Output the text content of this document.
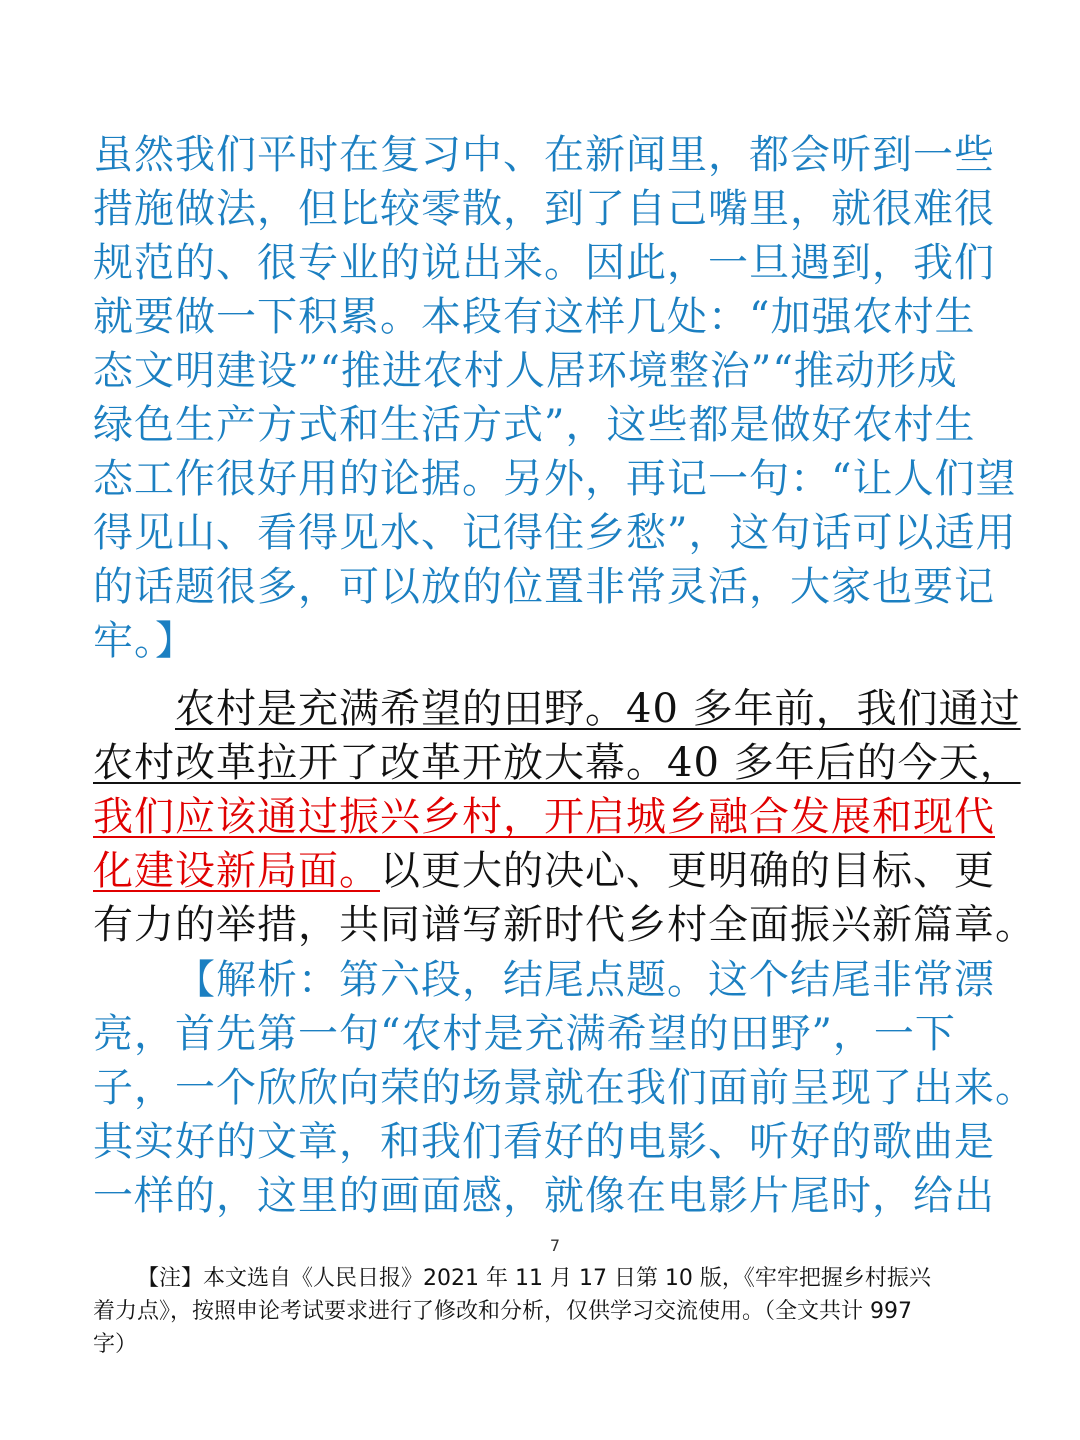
虽然我们平时在复习中、在新闻里，都会听到一些
措施做法，但比较零散，到了自己嘴里，就很难很
规范的、很专业的说出来。因此，一旦遇到，我们
就要做一下积累。本段有这样几处：“加强农村生
态文明建设”“推进农村人居环境整治”“推动形成
绿色生产方式和生活方式”，这些都是做好农村生
态工作很好用的论据。另外，再记一句：“让人们望
得见山、看得见水、记得住乡愁”，这句话可以适用
的话题很多，可以放的位置非常灵活，大家也要记
牢。】
农村是充满希望的田野。40 多年前，我们通过
农村改革拉开了改革开放大幕。40 多年后的今天，
我们应该通过振兴乡村，开启城乡融合发展和现代
化建设新局面。以更大的决心、更明确的目标、更
有力的举措，共同谱写新时代乡村全面振兴新篇章。
【解析：第六段，结尾点题。这个结尾非常漂
亮，首先第一句“农村是充满希望的田野”，一下
子，一个欣欣向荣的场景就在我们面前呈现了出来。
其实好的文章，和我们看好的电影、听好的歌曲是
一样的，这里的画面感，就像在电影片尾时，给出
7
【注】本文选自《人民日报》2021 年 11 月 17 日第 10 版，《牢牢把握乡村振兴
着力点》，按照申论考试要求进行了修改和分析，仅供学习交流使用。（全文共计 997
字）
